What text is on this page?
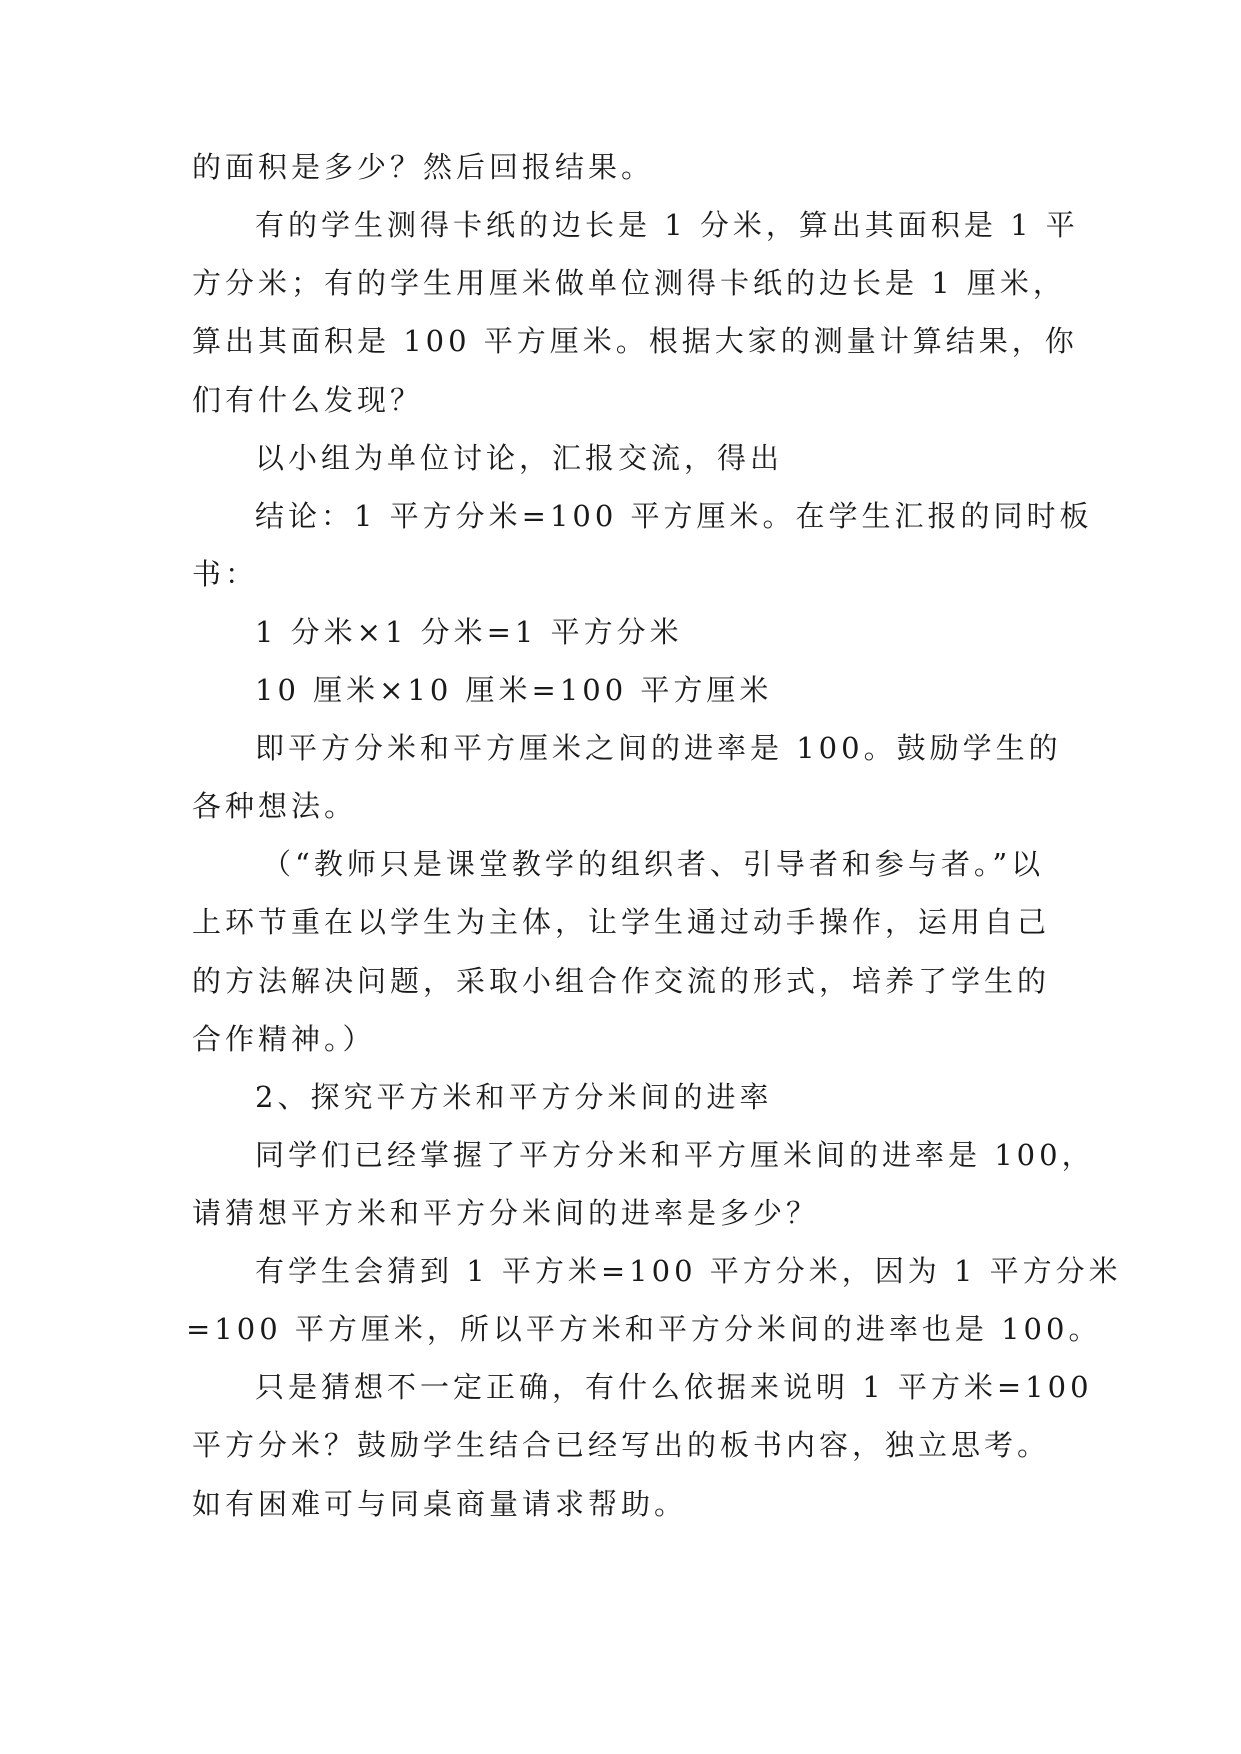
的面积是多少？然后回报结果。
有的学生测得卡纸的边长是 1 分米，算出其面积是 1 平
方分米；有的学生用厘米做单位测得卡纸的边长是 1 厘米，
算出其面积是 100 平方厘米。根据大家的测量计算结果，你
们有什么发现？
以小组为单位讨论，汇报交流，得出
结论：1 平方分米=100 平方厘米。在学生汇报的同时板
书：
1 分米×1 分米=1 平方分米
10 厘米×10 厘米=100 平方厘米
即平方分米和平方厘米之间的进率是 100。鼓励学生的
各种想法。
（“教师只是课堂教学的组织者、引导者和参与者。”以
上环节重在以学生为主体，让学生通过动手操作，运用自己
的方法解决问题，采取小组合作交流的形式，培养了学生的
合作精神。）
2、探究平方米和平方分米间的进率
同学们已经掌握了平方分米和平方厘米间的进率是 100，
请猜想平方米和平方分米间的进率是多少？
有学生会猜到 1 平方米=100 平方分米，因为 1 平方分米
=100 平方厘米，所以平方米和平方分米间的进率也是 100。
只是猜想不一定正确，有什么依据来说明 1 平方米=100
平方分米？鼓励学生结合已经写出的板书内容，独立思考。
如有困难可与同桌商量请求帮助。
